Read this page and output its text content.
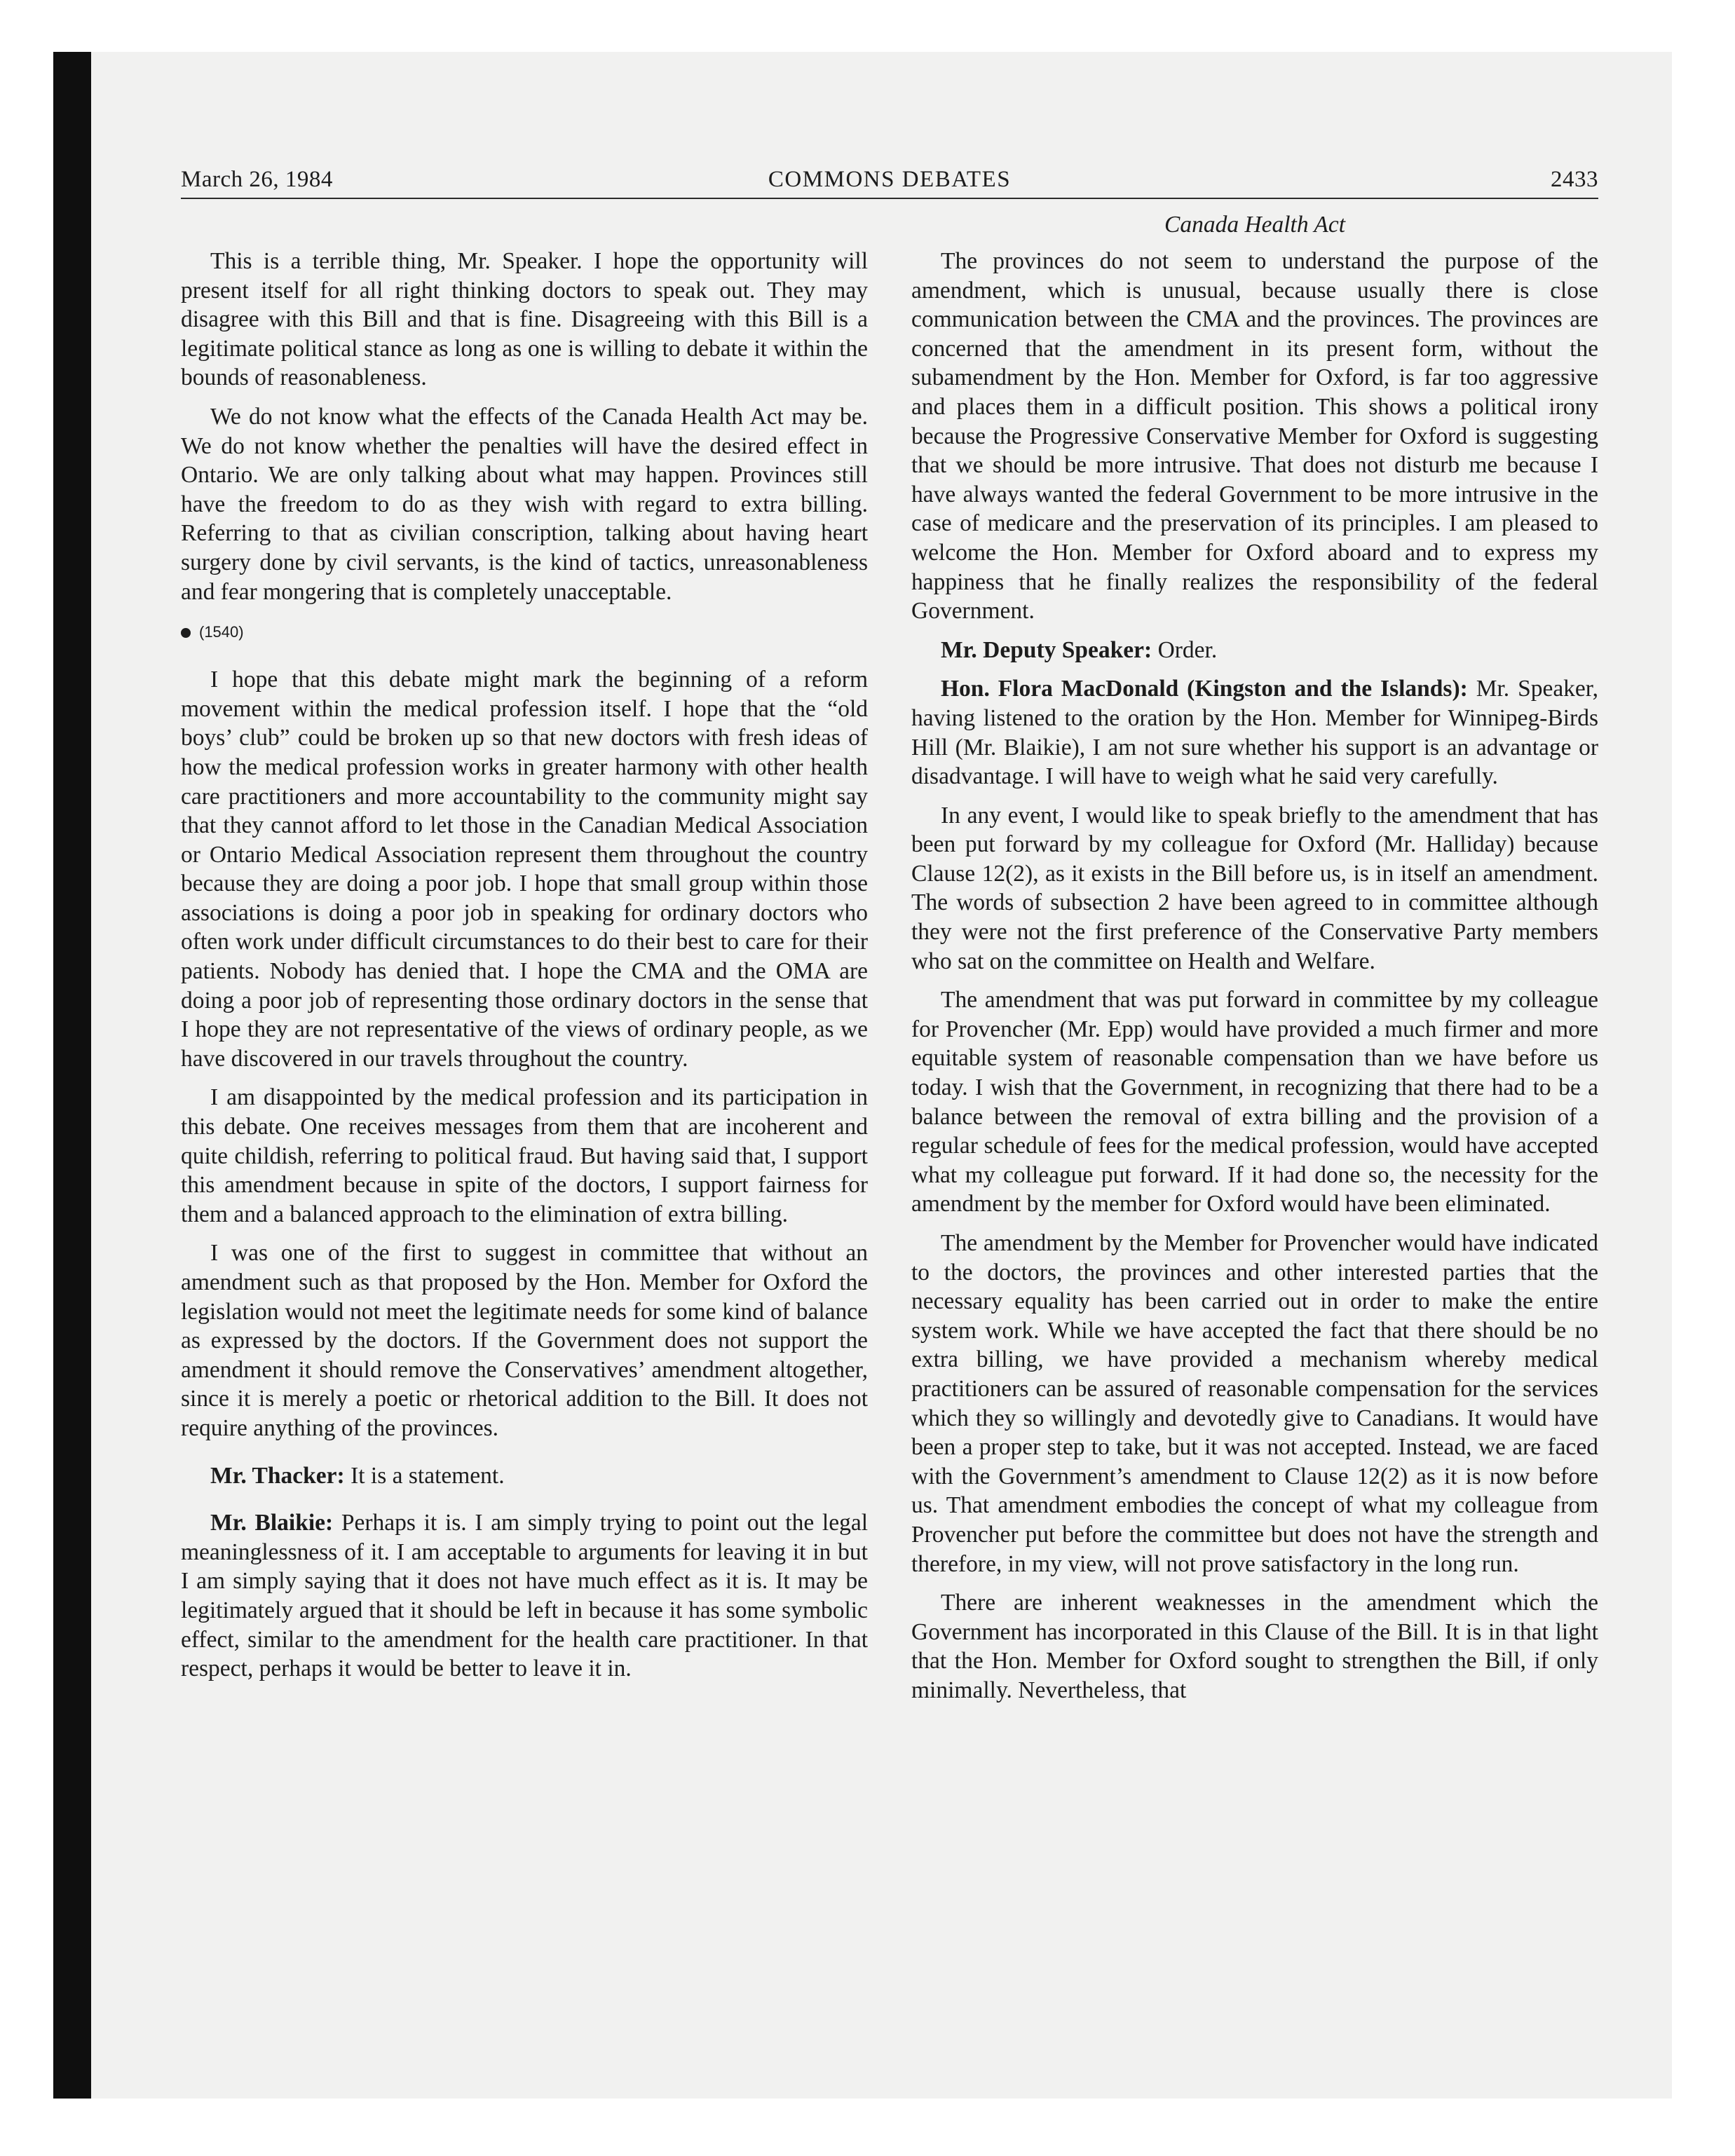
March 26, 1984	COMMONS DEBATES	2433

This is a terrible thing, Mr. Speaker. I hope the opportunity will present itself for all right thinking doctors to speak out. They may disagree with this Bill and that is fine. Disagreeing with this Bill is a legitimate political stance as long as one is willing to debate it within the bounds of reasonableness.

We do not know what the effects of the Canada Health Act may be. We do not know whether the penalties will have the desired effect in Ontario. We are only talking about what may happen. Provinces still have the freedom to do as they wish with regard to extra billing. Referring to that as civilian conscription, talking about having heart surgery done by civil servants, is the kind of tactics, unreasonableness and fear mongering that is completely unacceptable.

(1540)

I hope that this debate might mark the beginning of a reform movement within the medical profession itself. I hope that the “old boys’ club” could be broken up so that new doctors with fresh ideas of how the medical profession works in greater harmony with other health care practitioners and more accountability to the community might say that they cannot afford to let those in the Canadian Medical Association or Ontario Medical Association represent them throughout the country because they are doing a poor job. I hope that small group within those associations is doing a poor job in speaking for ordinary doctors who often work under difficult circumstances to do their best to care for their patients. Nobody has denied that. I hope the CMA and the OMA are doing a poor job of representing those ordinary doctors in the sense that I hope they are not representative of the views of ordinary people, as we have discovered in our travels throughout the country.

I am disappointed by the medical profession and its participation in this debate. One receives messages from them that are incoherent and quite childish, referring to political fraud. But having said that, I support this amendment because in spite of the doctors, I support fairness for them and a balanced approach to the elimination of extra billing.

I was one of the first to suggest in committee that without an amendment such as that proposed by the Hon. Member for Oxford the legislation would not meet the legitimate needs for some kind of balance as expressed by the doctors. If the Government does not support the amendment it should remove the Conservatives’ amendment altogether, since it is merely a poetic or rhetorical addition to the Bill. It does not require anything of the provinces.

Mr. Thacker: It is a statement.

Mr. Blaikie: Perhaps it is. I am simply trying to point out the legal meaninglessness of it. I am acceptable to arguments for leaving it in but I am simply saying that it does not have much effect as it is. It may be legitimately argued that it should be left in because it has some symbolic effect, similar to the amendment for the health care practitioner. In that respect, perhaps it would be better to leave it in.

Canada Health Act

The provinces do not seem to understand the purpose of the amendment, which is unusual, because usually there is close communication between the CMA and the provinces. The provinces are concerned that the amendment in its present form, without the subamendment by the Hon. Member for Oxford, is far too aggressive and places them in a difficult position. This shows a political irony because the Progressive Conservative Member for Oxford is suggesting that we should be more intrusive. That does not disturb me because I have always wanted the federal Government to be more intrusive in the case of medicare and the preservation of its principles. I am pleased to welcome the Hon. Member for Oxford aboard and to express my happiness that he finally realizes the responsibility of the federal Government.

Mr. Deputy Speaker: Order.

Hon. Flora MacDonald (Kingston and the Islands): Mr. Speaker, having listened to the oration by the Hon. Member for Winnipeg-Birds Hill (Mr. Blaikie), I am not sure whether his support is an advantage or disadvantage. I will have to weigh what he said very carefully.

In any event, I would like to speak briefly to the amendment that has been put forward by my colleague for Oxford (Mr. Halliday) because Clause 12(2), as it exists in the Bill before us, is in itself an amendment. The words of subsection 2 have been agreed to in committee although they were not the first preference of the Conservative Party members who sat on the committee on Health and Welfare.

The amendment that was put forward in committee by my colleague for Provencher (Mr. Epp) would have provided a much firmer and more equitable system of reasonable compensation than we have before us today. I wish that the Government, in recognizing that there had to be a balance between the removal of extra billing and the provision of a regular schedule of fees for the medical profession, would have accepted what my colleague put forward. If it had done so, the necessity for the amendment by the member for Oxford would have been eliminated.

The amendment by the Member for Provencher would have indicated to the doctors, the provinces and other interested parties that the necessary equality has been carried out in order to make the entire system work. While we have accepted the fact that there should be no extra billing, we have provided a mechanism whereby medical practitioners can be assured of reasonable compensation for the services which they so willingly and devotedly give to Canadians. It would have been a proper step to take, but it was not accepted. Instead, we are faced with the Government’s amendment to Clause 12(2) as it is now before us. That amendment embodies the concept of what my colleague from Provencher put before the committee but does not have the strength and therefore, in my view, will not prove satisfactory in the long run.

There are inherent weaknesses in the amendment which the Government has incorporated in this Clause of the Bill. It is in that light that the Hon. Member for Oxford sought to strengthen the Bill, if only minimally. Nevertheless, that
